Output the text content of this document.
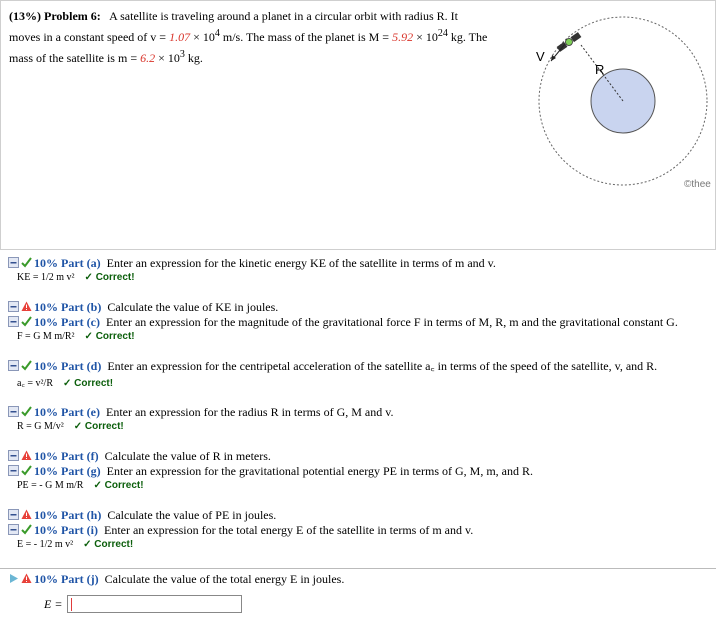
(13%) Problem 6: A satellite is traveling around a planet in a circular orbit with radius R. It
moves in a constant speed of $v = 1.07 \times 10^4$ m/s. The mass of the planet is $M = 5.92 \times 10^{24}$ kg. The
mass of the satellite is $m = 6.2 \times 10^3$ kg.	V
R
©thee
10% Part (a) Enter an expression for the kinetic energy KE of the satellite in terms of m and v.
KE = 1/2 m v² ✓ Correct!
10% Part (b) Calculate the value of KE in joules.
10% Part (c) Enter an expression for the magnitude of the gravitational force F in terms of M, R, m and the gravitational constant G.
F = G M m/R² ✓ Correct!
10% Part (d) Enter an expression for the centripetal acceleration of the satellite a꜀ in terms of the speed of the satellite, v, and R.
a꜀ = v²/R ✓ Correct!
10% Part (e) Enter an expression for the radius R in terms of G, M and v.
R = G M/v² ✓ Correct!
10% Part (f) Calculate the value of R in meters.
10% Part (g) Enter an expression for the gravitational potential energy PE in terms of G, M, m, and R.
PE = - G M m/R ✓ Correct!
10% Part (h) Calculate the value of PE in joules.
10% Part (i) Enter an expression for the total energy E of the satellite in terms of m and v.
E = - 1/2 m v² ✓ Correct!
10% Part (j) Calculate the value of the total energy E in joules.
E =
